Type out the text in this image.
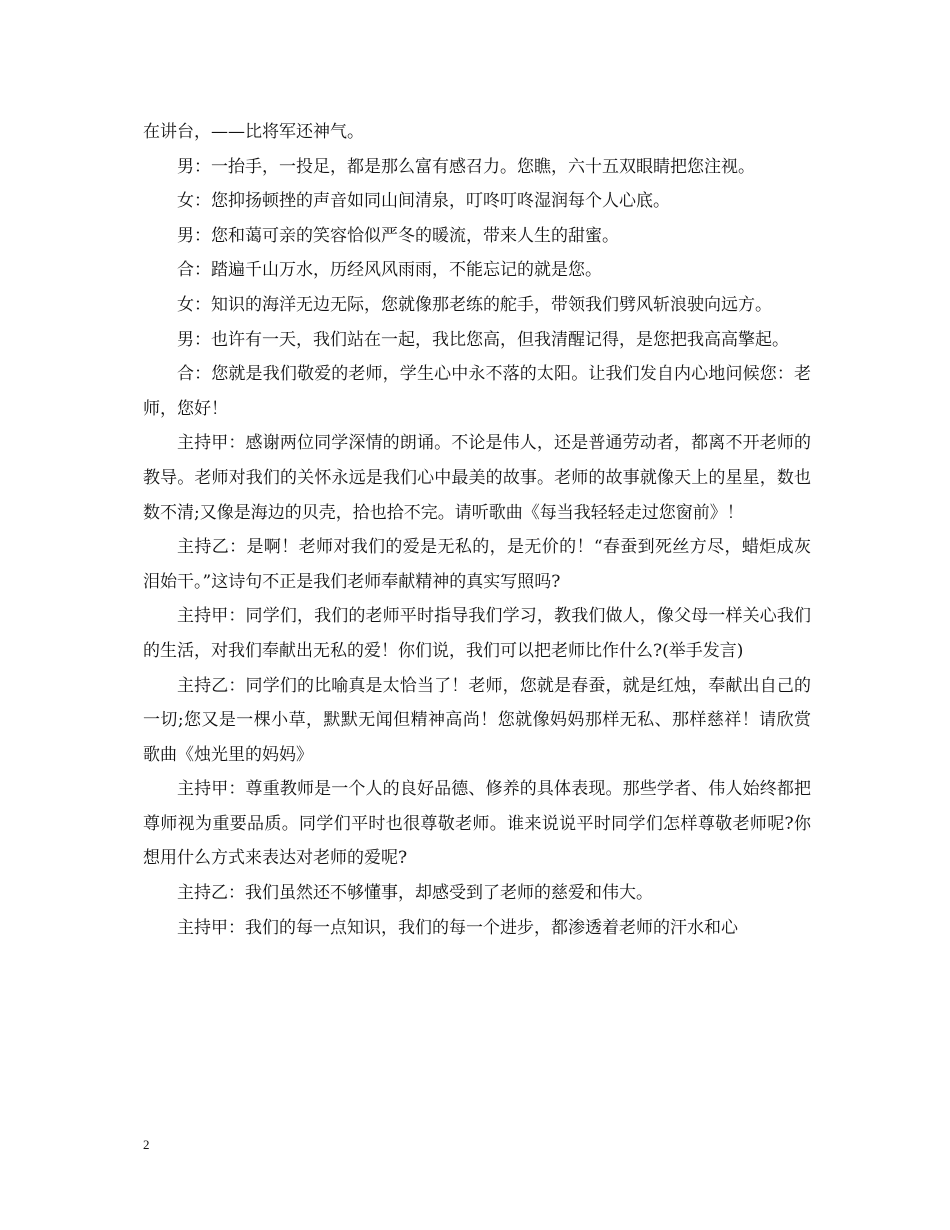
在讲台，——比将军还神气。

男：一抬手，一投足，都是那么富有感召力。您瞧，六十五双眼睛把您注视。

女：您抑扬顿挫的声音如同山间清泉，叮咚叮咚湿润每个人心底。

男：您和蔼可亲的笑容恰似严冬的暖流，带来人生的甜蜜。

合：踏遍千山万水，历经风风雨雨，不能忘记的就是您。

女：知识的海洋无边无际，您就像那老练的舵手，带领我们劈风斩浪驶向远方。

男：也许有一天，我们站在一起，我比您高，但我清醒记得，是您把我高高擎起。

合：您就是我们敬爱的老师，学生心中永不落的太阳。让我们发自内心地问候您：老师，您好！

主持甲：感谢两位同学深情的朗诵。不论是伟人，还是普通劳动者，都离不开老师的教导。老师对我们的关怀永远是我们心中最美的故事。老师的故事就像天上的星星，数也数不清;又像是海边的贝壳，拾也拾不完。请听歌曲《每当我轻轻走过您窗前》！

主持乙：是啊！老师对我们的爱是无私的，是无价的！“春蚕到死丝方尽，蜡炬成灰泪始干。”这诗句不正是我们老师奉献精神的真实写照吗?

主持甲：同学们，我们的老师平时指导我们学习，教我们做人，像父母一样关心我们的生活，对我们奉献出无私的爱！你们说，我们可以把老师比作什么?(举手发言)

主持乙：同学们的比喻真是太恰当了！老师，您就是春蚕，就是红烛，奉献出自己的一切;您又是一棵小草，默默无闻但精神高尚！您就像妈妈那样无私、那样慈祥！请欣赏歌曲《烛光里的妈妈》

主持甲：尊重教师是一个人的良好品德、修养的具体表现。那些学者、伟人始终都把尊师视为重要品质。同学们平时也很尊敬老师。谁来说说平时同学们怎样尊敬老师呢?你想用什么方式来表达对老师的爱呢?

主持乙：我们虽然还不够懂事，却感受到了老师的慈爱和伟大。

主持甲：我们的每一点知识，我们的每一个进步，都渗透着老师的汗水和心

2
